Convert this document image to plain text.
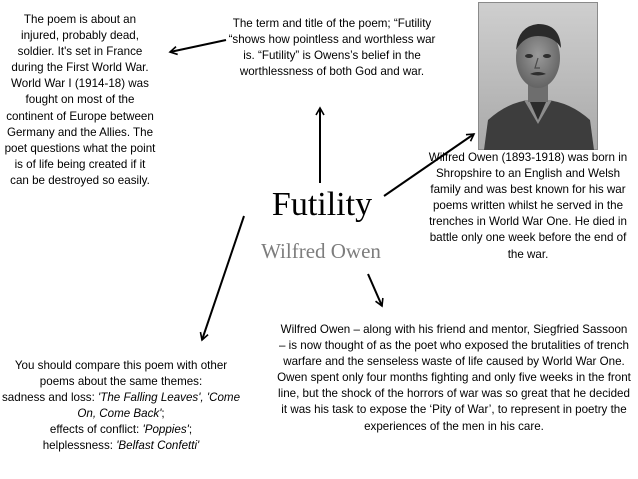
The poem is about an injured, probably dead, soldier. It's set in France during the First World War. World War I (1914-18) was fought on most of the continent of Europe between Germany and the Allies. The poet questions what the point is of life being created if it can be destroyed so easily.
The term and title of the poem; “Futility “shows how pointless and worthless war is. “Futility” is Owens’s belief in the worthlessness of both God and war.
Wilfred Owen (1893-1918) was born in Shropshire to an English and Welsh family and was best known for his war poems written whilst he served in the trenches in World War One. He died in battle only one week before the end of the war.
Wilfred Owen – along with his friend and mentor, Siegfried Sassoon – is now thought of as the poet who exposed the brutalities of trench warfare and the senseless waste of life caused by World War One. Owen spent only four months fighting and only five weeks in the front line, but the shock of the horrors of war was so great that he decided it was his task to expose the ‘Pity of War’, to represent in poetry the experiences of the men in his care.
You should compare this poem with other poems about the same themes:
sadness and loss: 'The Falling Leaves', 'Come On, Come Back';
effects of conflict: 'Poppies';
helplessness: 'Belfast Confetti'
Futility
Wilfred Owen
